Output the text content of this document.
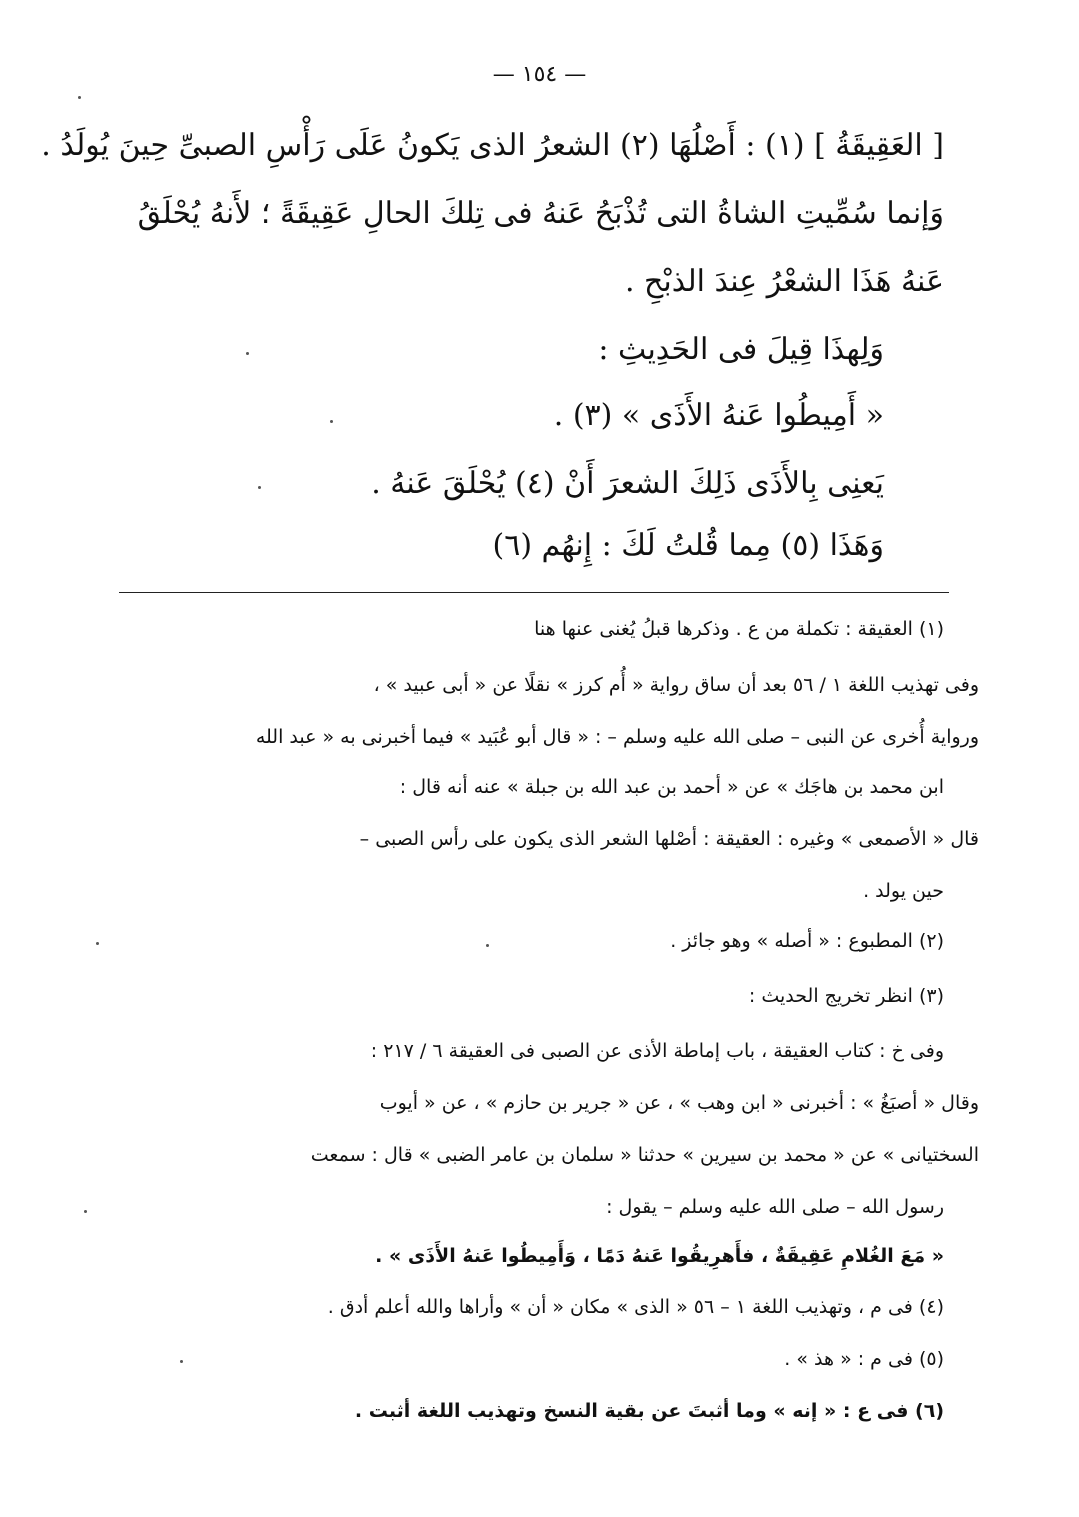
— ١٥٤ —
[ العَقِيقَةُ ] (١) : أَصْلُهَا (٢) الشعرُ الذى يَكونُ عَلَى رَأْسِ الصبىِّ حِينَ يُولَدُ .
وَإنما سُمِّيتِ الشاةُ التى تُذْبَحُ عَنهُ فى تِلكَ الحالِ عَقِيقَةً ؛ لأَنهُ يُحْلَقُ
عَنهُ هَذَا الشعْرُ عِندَ الذبْحِ .
وَلِهذَا قِيلَ فى الحَدِيثِ :
« أَمِيطُوا عَنهُ الأَذَى » (٣) .
يَعنِى بِالأَذَى ذَلِكَ الشعرَ أَنْ (٤) يُحْلَقَ عَنهُ .
وَهَذَا (٥) مِما قُلتُ لَكَ : إِنهُم (٦)
(١) العقيقة : تكملة من ع . وذكرها قبلُ يُغنى عنها هنا
وفى تهذيب اللغة ١ / ٥٦ بعد أن ساق رواية « أُم كرز » نقلًا عن « أبى عبيد » ،
ورواية أُخرى عن النبى – صلى الله عليه وسلم – : « قال أبو عُبَيد » فيما أخبرنى به « عبد الله
ابن محمد بن هاجَك » عن « أحمد بن عبد الله بن جبلة » عنه أنه قال :
قال « الأصمعى » وغيره : العقيقة : أصْلها الشعر الذى يكون على رأس الصبى –
حين يولد .
(٢) المطبوع : « أصله » وهو جائز .
(٣) انظر تخريج الحديث :
وفى خ : كتاب العقيقة ، باب إماطة الأذى عن الصبى فى العقيقة ٦ / ٢١٧ :
وقال « أصبَغُ » : أخبرنى « ابن وهب » ، عن « جرير بن حازم » ، عن « أيوب
السختيانى » عن « محمد بن سيرين » حدثنا « سلمان بن عامر الضبى » قال : سمعت
رسول الله – صلى الله عليه وسلم – يقول :
« مَعَ الغُلامِ عَقِيقَةٌ ، فأَهرِيقُوا عَنهُ دَمًا ، وَأَمِيطُوا عَنهُ الأَذَى » .
(٤) فى م ، وتهذيب اللغة ١ – ٥٦ « الذى » مكان « أن » وأراها والله أعلم أدق .
(٥) فى م : « هذ » .
(٦) فى ع : « إنه » وما أثبتَ عن بقية النسخ وتهذيب اللغة أثبت .
